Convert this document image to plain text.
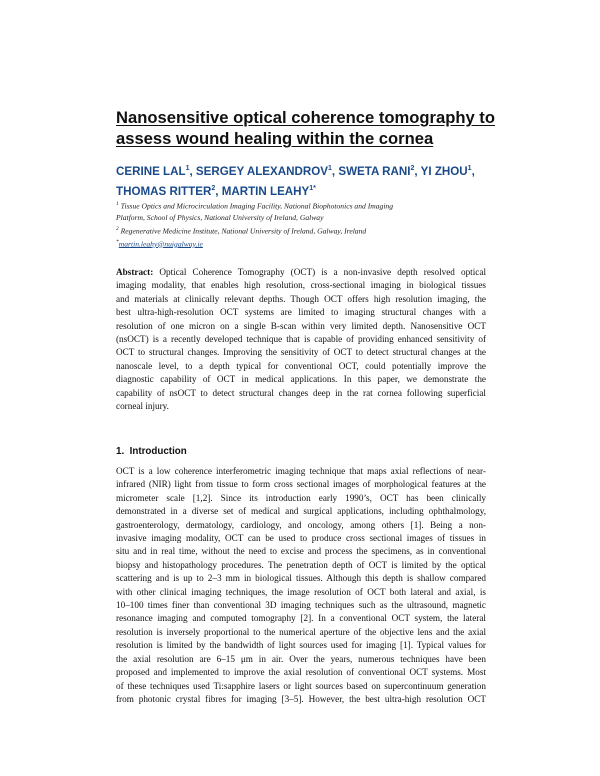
Nanosensitive optical coherence tomography to
assess wound healing within the cornea
CERINE LAL$^1$, SERGEY ALEXANDROV$^1$, SWETA RANI$^2$, YI ZHOU$^1$,
THOMAS RITTER$^2$, MARTIN $LEAHY^{1*}$
$^1$ Tissue Optics and Microcirculation Imaging Facility, National Biophotonics and Imaging
Platform, School of Physics, National University of Ireland, Galway
$^2$ Regenerative Medicine Institute, National University of Ireland, Galway, Ireland
*martin.leahy@nuigalway.ie
Abstract: Optical Coherence Tomography (OCT) is a non-invasive depth resolved optical
imaging modality, that enables high resolution, cross-sectional imaging in biological tissues
and materials at clinically relevant depths. Though OCT offers high resolution imaging, the
best ultra-high-resolution OCT systems are limited to imaging structural changes with a
resolution of one micron on a single B-scan within very limited depth. Nanosensitive OCT
(nsOCT) is a recently developed technique that is capable of providing enhanced sensitivity of
OCT to structural changes. Improving the sensitivity of OCT to detect structural changes at the
nanoscale level, to a depth typical for conventional OCT, could potentially improve the
diagnostic capability of OCT in medical applications. In this paper, we demonstrate the
capability of nsOCT to detect structural changes deep in the rat cornea following superficial
corneal injury.
1. Introduction
OCT is a low coherence interferometric imaging technique that maps axial reflections of near-
infrared (NIR) light from tissue to form cross sectional images of morphological features at the
micrometer scale [1,2]. Since its introduction early 1990’s, OCT has been clinically
demonstrated in a diverse set of medical and surgical applications, including ophthalmology,
gastroenterology, dermatology, cardiology, and oncology, among others [1]. Being a non-
invasive imaging modality, OCT can be used to produce cross sectional images of tissues in
situ and in real time, without the need to excise and process the specimens, as in conventional
biopsy and histopathology procedures. The penetration depth of OCT is limited by the optical
scattering and is up to 2–3 mm in biological tissues. Although this depth is shallow compared
with other clinical imaging techniques, the image resolution of OCT both lateral and axial, is
10–100 times finer than conventional 3D imaging techniques such as the ultrasound, magnetic
resonance imaging and computed tomography [2]. In a conventional OCT system, the lateral
resolution is inversely proportional to the numerical aperture of the objective lens and the axial
resolution is limited by the bandwidth of light sources used for imaging [1]. Typical values for
the axial resolution are 6–15 μm in air. Over the years, numerous techniques have been
proposed and implemented to improve the axial resolution of conventional OCT systems. Most
of these techniques used Ti:sapphire lasers or light sources based on supercontinuum generation
from photonic crystal fibres for imaging [3–5]. However, the best ultra-high resolution OCT
